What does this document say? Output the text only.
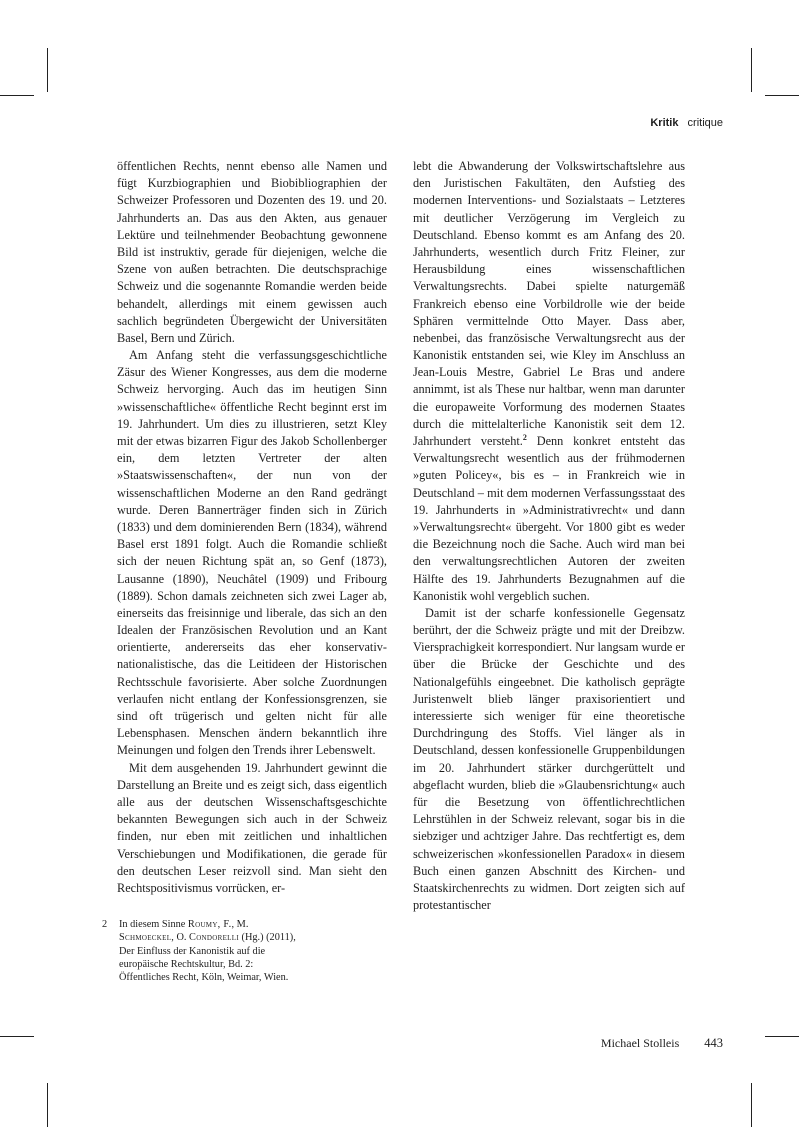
Kritik critique

öffentlichen Rechts, nennt ebenso alle Namen und fügt Kurzbiographien und Biobibliographien der Schweizer Professoren und Dozenten des 19. und 20. Jahrhunderts an. Das aus den Akten, aus genauer Lektüre und teilnehmender Beobachtung gewonnene Bild ist instruktiv, gerade für diejenigen, welche die Szene von außen betrachten. Die deutschsprachige Schweiz und die sogenannte Romandie werden beide behandelt, allerdings mit einem gewissen auch sachlich begründeten Übergewicht der Universitäten Basel, Bern und Zürich.

Am Anfang steht die verfassungsgeschichtliche Zäsur des Wiener Kongresses, aus dem die moderne Schweiz hervorging. Auch das im heutigen Sinn »wissenschaftliche« öffentliche Recht beginnt erst im 19. Jahrhundert. Um dies zu illustrieren, setzt Kley mit der etwas bizarren Figur des Jakob Schollenberger ein, dem letzten Vertreter der alten »Staatswissenschaften«, der nun von der wissenschaftlichen Moderne an den Rand gedrängt wurde. Deren Bannerträger finden sich in Zürich (1833) und dem dominierenden Bern (1834), während Basel erst 1891 folgt. Auch die Romandie schließt sich der neuen Richtung spät an, so Genf (1873), Lausanne (1890), Neuchâtel (1909) und Fribourg (1889). Schon damals zeichneten sich zwei Lager ab, einerseits das freisinnige und liberale, das sich an den Idealen der Französischen Revolution und an Kant orientierte, andererseits das eher konservativ-nationalistische, das die Leitideen der Historischen Rechtsschule favorisierte. Aber solche Zuordnungen verlaufen nicht entlang der Konfessionsgrenzen, sie sind oft trügerisch und gelten nicht für alle Lebensphasen. Menschen ändern bekanntlich ihre Meinungen und folgen den Trends ihrer Lebenswelt.

Mit dem ausgehenden 19. Jahrhundert gewinnt die Darstellung an Breite und es zeigt sich, dass eigentlich alle aus der deutschen Wissenschaftsgeschichte bekannten Bewegungen sich auch in der Schweiz finden, nur eben mit zeitlichen und inhaltlichen Verschiebungen und Modifikationen, die gerade für den deutschen Leser reizvoll sind. Man sieht den Rechtspositivismus vorrücken, er-

lebt die Abwanderung der Volkswirtschaftslehre aus den Juristischen Fakultäten, den Aufstieg des modernen Interventions- und Sozialstaats – Letzteres mit deutlicher Verzögerung im Vergleich zu Deutschland. Ebenso kommt es am Anfang des 20. Jahrhunderts, wesentlich durch Fritz Fleiner, zur Herausbildung eines wissenschaftlichen Verwaltungsrechts. Dabei spielte naturgemäß Frankreich ebenso eine Vorbildrolle wie der beide Sphären vermittelnde Otto Mayer. Dass aber, nebenbei, das französische Verwaltungsrecht aus der Kanonistik entstanden sei, wie Kley im Anschluss an Jean-Louis Mestre, Gabriel Le Bras und andere annimmt, ist als These nur haltbar, wenn man darunter die europaweite Vorformung des modernen Staates durch die mittelalterliche Kanonistik seit dem 12. Jahrhundert versteht.$^2$ Denn konkret entsteht das Verwaltungsrecht wesentlich aus der frühmodernen »guten Policey«, bis es – in Frankreich wie in Deutschland – mit dem modernen Verfassungsstaat des 19. Jahrhunderts in »Administrativrecht« und dann »Verwaltungsrecht« übergeht. Vor 1800 gibt es weder die Bezeichnung noch die Sache. Auch wird man bei den verwaltungsrechtlichen Autoren der zweiten Hälfte des 19. Jahrhunderts Bezugnahmen auf die Kanonistik wohl vergeblich suchen.

Damit ist der scharfe konfessionelle Gegensatz berührt, der die Schweiz prägte und mit der Dreibzw. Viersprachigkeit korrespondiert. Nur langsam wurde er über die Brücke der Geschichte und des Nationalgefühls eingeebnet. Die katholisch geprägte Juristenwelt blieb länger praxisorientiert und interessierte sich weniger für eine theoretische Durchdringung des Stoffs. Viel länger als in Deutschland, dessen konfessionelle Gruppenbildungen im 20. Jahrhundert stärker durchgerüttelt und abgeflacht wurden, blieb die »Glaubensrichtung« auch für die Besetzung von öffentlichrechtlichen Lehrstühlen in der Schweiz relevant, sogar bis in die siebziger und achtziger Jahre. Das rechtfertigt es, dem schweizerischen »konfessionellen Paradox« in diesem Buch einen ganzen Abschnitt des Kirchen- und Staatskirchenrechts zu widmen. Dort zeigten sich auf protestantischer

2 In diesem Sinne Roumy, F., M. Schmoeckel, O. Condorelli (Hg.) (2011), Der Einfluss der Kanonistik auf die europäische Rechtskultur, Bd. 2: Öffentliches Recht, Köln, Weimar, Wien.
Michael Stolleis 443
